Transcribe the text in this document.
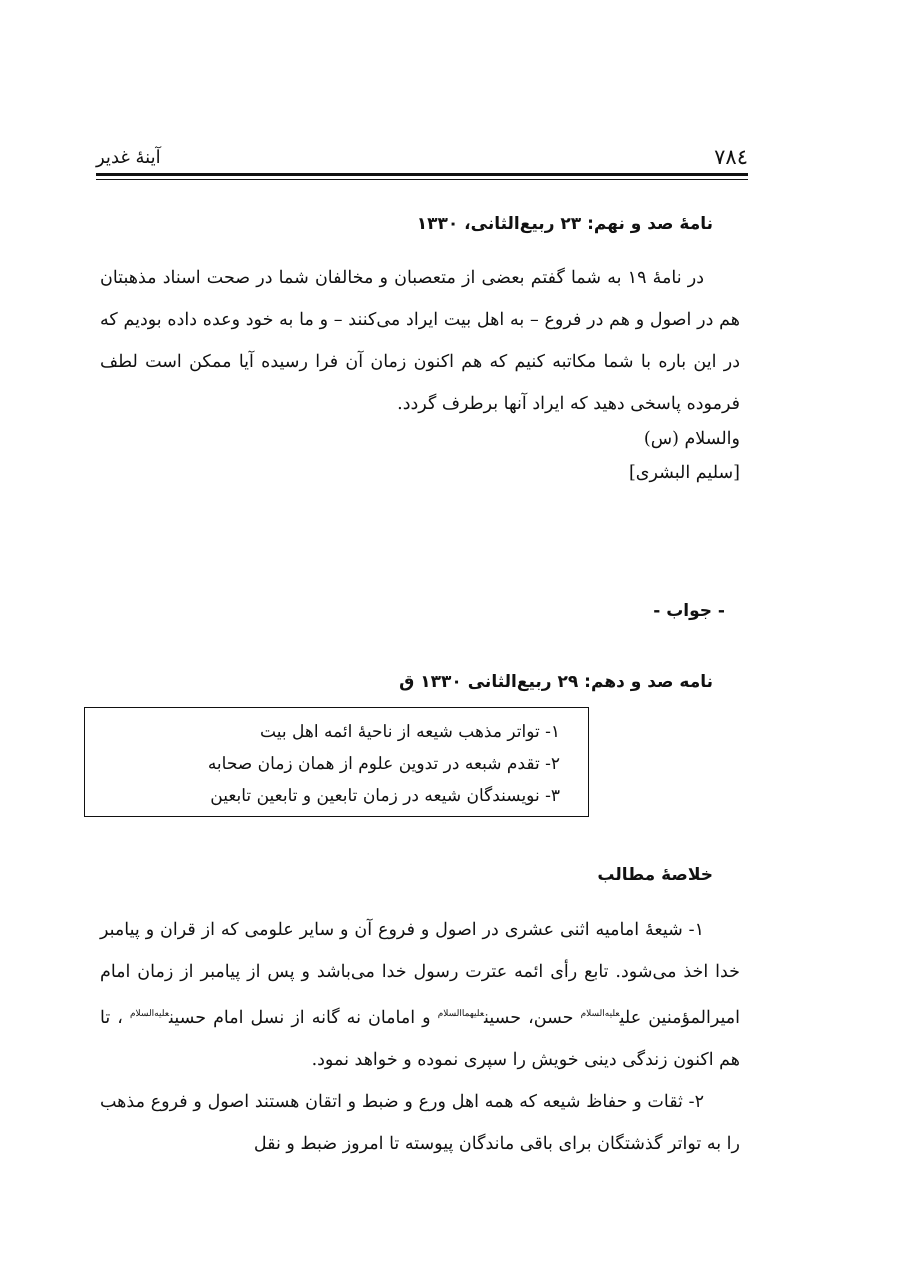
۷۸٤
آینهٔ غدیر
نامهٔ صد و نهم: ۲۳ ربیع‌الثانی، ۱۳۳۰

در نامهٔ ۱۹ به شما گفتم بعضی از متعصبان و مخالفان شما در صحت اسناد مذهبتان هم در اصول و هم در فروع – به اهل بیت ایراد می‌کنند – و ما به خود وعده داده بودیم که در این باره با شما مکاتبه کنیم که هم اکنون زمان آن فرا رسیده آیا ممکن است لطف فرموده پاسخی دهید که ایراد آنها برطرف گردد.

والسلام (س)
[سلیم البشری]
- جواب -
نامه صد و دهم: ۲۹ ربیع‌الثانی ۱۳۳۰ ق
۱- تواتر مذهب شیعه از ناحیهٔ ائمه اهل بیت
۲- تقدم شبعه در تدوین علوم از همان زمان صحابه
۳- نویسندگان شیعه در زمان تابعین و تابعین تابعین
خلاصهٔ مطالب

۱- شیعهٔ امامیه اثنی عشری در اصول و فروع آن و سایر علومی که از قران و پیامبر خدا اخذ می‌شود. تابع رأی ائمه عترت رسول خدا می‌باشد و پس از پیامبر از زمان امام امیرالمؤمنین علی$^{علیه‌السلام}$ حسن، حسین$^{علیهماالسلام}$ و امامان نه گانه از نسل امام حسین$^{علیه‌السلام}$ ، تا هم اکنون زندگی دینی خویش را سپری نموده و خواهد نمود.

۲- ثقات و حفاظ شیعه که همه اهل ورع و ضبط و اتقان هستند اصول و فروع مذهب را به تواتر گذشتگان برای باقی ماندگان پیوسته تا امروز ضبط و نقل
